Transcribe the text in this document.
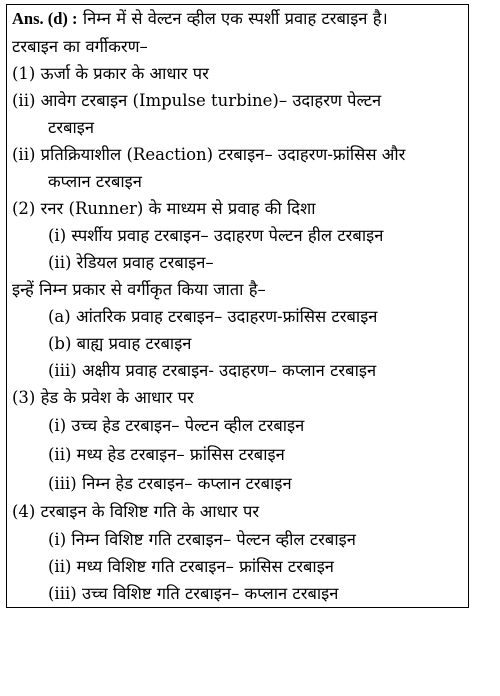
Ans. (d) : निम्न में से वेल्टन व्हील एक स्पर्शी प्रवाह टरबाइन है।
टरबाइन का वर्गीकरण–
(1) ऊर्जा के प्रकार के आधार पर
(ii) आवेग टरबाइन (Impulse turbine)– उदाहरण पेल्टन
टरबाइन
(ii) प्रतिक्रियाशील (Reaction) टरबाइन– उदाहरण-फ्रांसिस और
कप्लान टरबाइन
(2) रनर (Runner) के माध्यम से प्रवाह की दिशा
(i) स्पर्शीय प्रवाह टरबाइन– उदाहरण पेल्टन हील टरबाइन
(ii) रेडियल प्रवाह टरबाइन–
इन्हें निम्न प्रकार से वर्गीकृत किया जाता है–
(a) आंतरिक प्रवाह टरबाइन– उदाहरण-फ्रांसिस टरबाइन
(b) बाह्य प्रवाह टरबाइन
(iii) अक्षीय प्रवाह टरबाइन- उदाहरण– कप्लान टरबाइन
(3) हेड के प्रवेश के आधार पर
(i) उच्च हेड टरबाइन– पेल्टन व्हील टरबाइन
(ii) मध्य हेड टरबाइन– फ्रांसिस टरबाइन
(iii) निम्न हेड टरबाइन– कप्लान टरबाइन
(4) टरबाइन के विशिष्ट गति के आधार पर
(i) निम्न विशिष्ट गति टरबाइन– पेल्टन व्हील टरबाइन
(ii) मध्य विशिष्ट गति टरबाइन– फ्रांसिस टरबाइन
(iii) उच्च विशिष्ट गति टरबाइन– कप्लान टरबाइन
